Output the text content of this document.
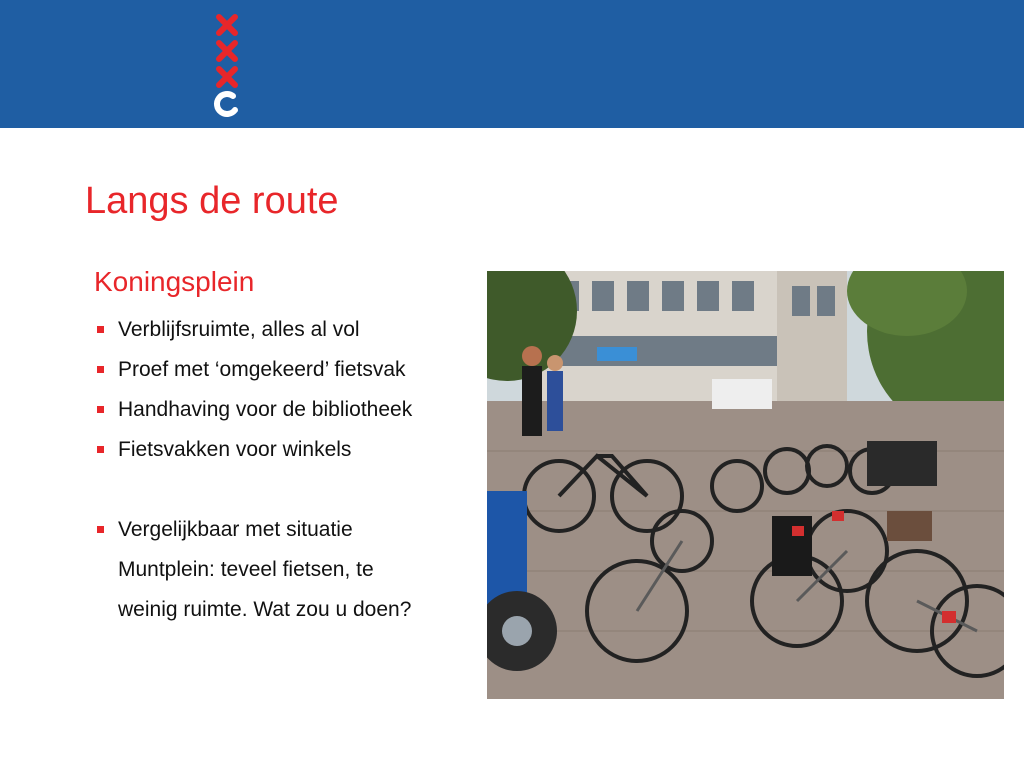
Langs de route
Koningsplein
Verblijfsruimte, alles al vol
Proef met ‘omgekeerd’ fietsvak
Handhaving voor de bibliotheek
Fietsvakken voor winkels
Vergelijkbaar met situatie
Muntplein: teveel fietsen, te
weinig ruimte. Wat zou u doen?
